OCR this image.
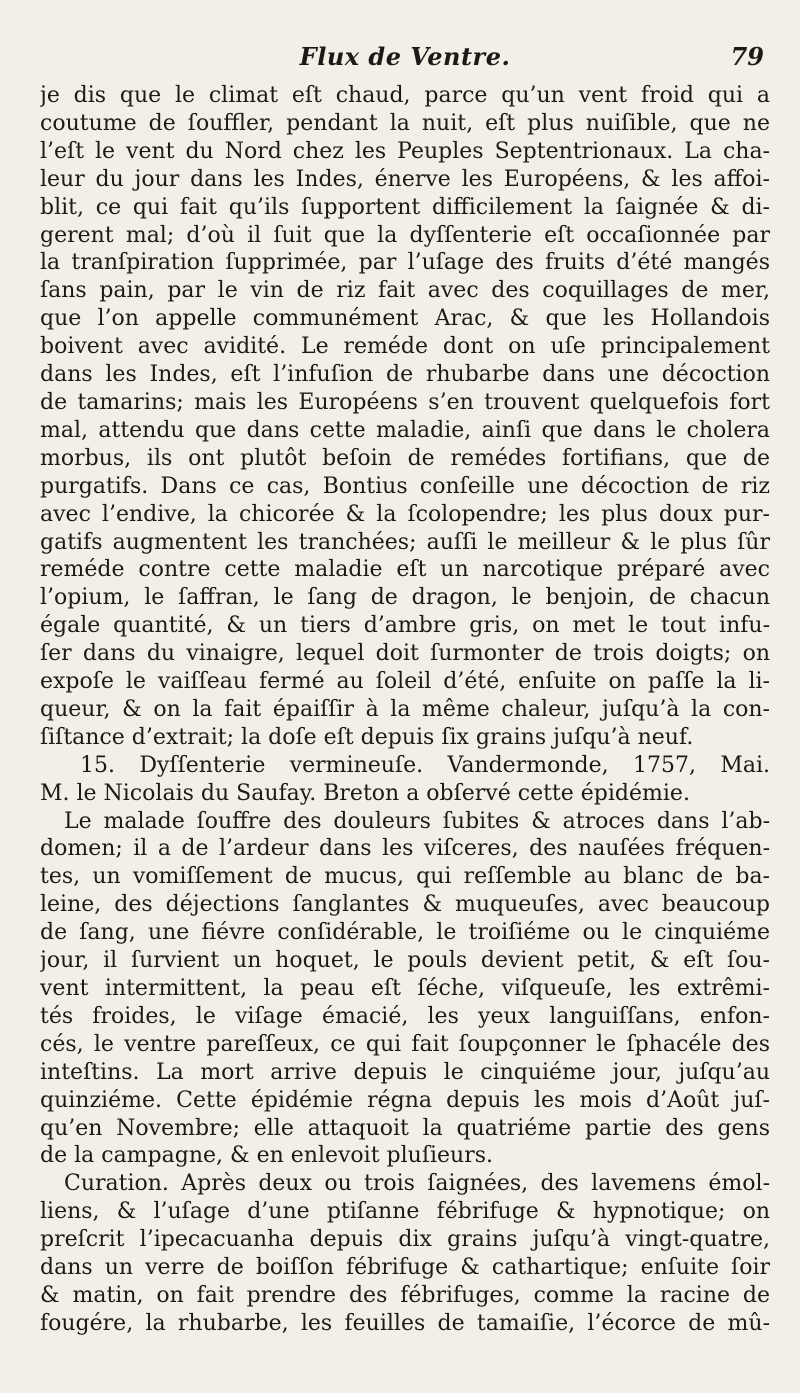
Flux de Ventre.	79
je dis que le climat eſt chaud, parce qu’un vent froid qui a
coutume de ſouffler, pendant la nuit, eſt plus nuiſible, que ne
l’eſt le vent du Nord chez les Peuples Septentrionaux. La cha-
leur du jour dans les Indes, énerve les Européens, & les affoi-
blit, ce qui fait qu’ils ſupportent difficilement la ſaignée & di-
gerent mal; d’où il ſuit que la dyſſenterie eſt occaſionnée par
la tranſpiration ſupprimée, par l’uſage des fruits d’été mangés
ſans pain, par le vin de riz fait avec des coquillages de mer,
que l’on appelle communément Arac, & que les Hollandois
boivent avec avidité. Le reméde dont on uſe principalement
dans les Indes, eſt l’infuſion de rhubarbe dans une décoction
de tamarins; mais les Européens s’en trouvent quelquefois fort
mal, attendu que dans cette maladie, ainſi que dans le cholera
morbus, ils ont plutôt beſoin de remédes fortifians, que de
purgatifs. Dans ce cas, Bontius conſeille une décoction de riz
avec l’endive, la chicorée & la ſcolopendre; les plus doux pur-
gatifs augmentent les tranchées; auſſi le meilleur & le plus ſûr
reméde contre cette maladie eſt un narcotique préparé avec
l’opium, le ſaffran, le ſang de dragon, le benjoin, de chacun
égale quantité, & un tiers d’ambre gris, on met le tout infu-
ſer dans du vinaigre, lequel doit ſurmonter de trois doigts; on
expoſe le vaiſſeau fermé au ſoleil d’été, enſuite on paſſe la li-
queur, & on la fait épaiſſir à la même chaleur, juſqu’à la con-
ſiſtance d’extrait; la doſe eſt depuis ſix grains juſqu’à neuf.
15. Dyſſenterie vermineuſe. Vandermonde, 1757, Mai.
M. le Nicolais du Saufay. Breton a obſervé cette épidémie.
Le malade ſouffre des douleurs ſubites & atroces dans l’ab-
domen; il a de l’ardeur dans les viſceres, des nauſées fréquen-
tes, un vomiſſement de mucus, qui reſſemble au blanc de ba-
leine, des déjections ſanglantes & muqueuſes, avec beaucoup
de ſang, une fiévre conſidérable, le troiſiéme ou le cinquiéme
jour, il ſurvient un hoquet, le pouls devient petit, & eſt ſou-
vent intermittent, la peau eſt ſéche, viſqueuſe, les extrêmi-
tés froides, le viſage émacié, les yeux languiſſans, enfon-
cés, le ventre pareſſeux, ce qui fait ſoupçonner le ſphacéle des
inteſtins. La mort arrive depuis le cinquiéme jour, juſqu’au
quinziéme. Cette épidémie régna depuis les mois d’Août juſ-
qu’en Novembre; elle attaquoit la quatriéme partie des gens
de la campagne, & en enlevoit pluſieurs.
Curation. Après deux ou trois ſaignées, des lavemens émol-
liens, & l’uſage d’une ptiſanne fébrifuge & hypnotique; on
preſcrit l’ipecacuanha depuis dix grains juſqu’à vingt-quatre,
dans un verre de boiſſon fébrifuge & cathartique; enſuite ſoir
& matin, on fait prendre des fébrifuges, comme la racine de
fougére, la rhubarbe, les feuilles de tamaiſie, l’écorce de mû-
